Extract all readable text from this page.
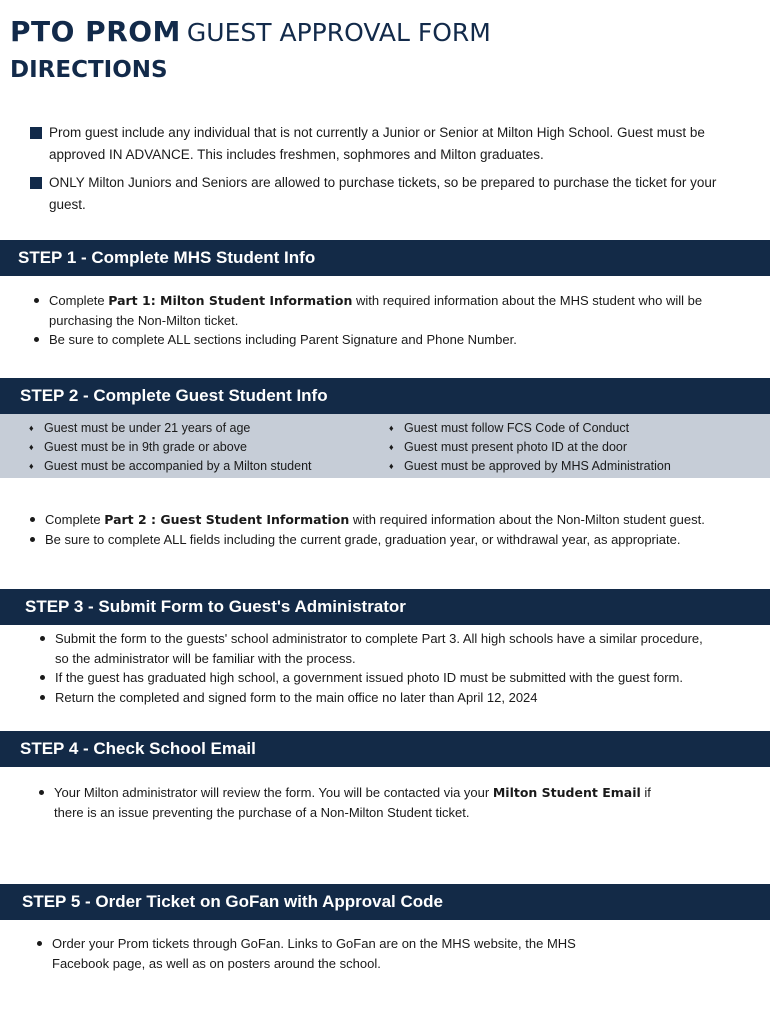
PTO PROM GUEST APPROVAL FORM
DIRECTIONS
Prom guest include any individual that is not currently a Junior or Senior at Milton High School. Guest must be approved IN ADVANCE. This includes freshmen, sophmores and Milton graduates.
ONLY Milton Juniors and Seniors are allowed to purchase tickets, so be prepared to purchase the ticket for your guest.
STEP 1 - Complete MHS Student Info
Complete Part 1: Milton Student Information with required information about the MHS student who will be purchasing the Non-Milton ticket.
Be sure to complete ALL sections including Parent Signature and Phone Number.
STEP 2 - Complete Guest Student Info
♦ Guest must be under 21 years of age
♦ Guest must be in 9th grade or above
♦ Guest must be accompanied by a Milton student
♦ Guest must follow FCS Code of Conduct
♦ Guest must present photo ID at the door
♦ Guest must be approved by MHS Administration
Complete Part 2 : Guest Student Information with required information about the Non-Milton student guest.
Be sure to complete ALL fields including the current grade, graduation year, or withdrawal year, as appropriate.
STEP 3 - Submit Form to Guest's Administrator
Submit the form to the guests' school administrator to complete Part 3. All high schools have a similar procedure, so the administrator will be familiar with the process.
If the guest has graduated high school, a government issued photo ID must be submitted with the guest form.
Return the completed and signed form to the main office no later than April 12, 2024
STEP 4 - Check School Email
Your Milton administrator will review the form. You will be contacted via your Milton Student Email if there is an issue preventing the purchase of a Non-Milton Student ticket.
STEP 5 - Order Ticket on GoFan with Approval Code
Order your Prom tickets through GoFan. Links to GoFan are on the MHS website, the MHS Facebook page, as well as on posters around the school.
